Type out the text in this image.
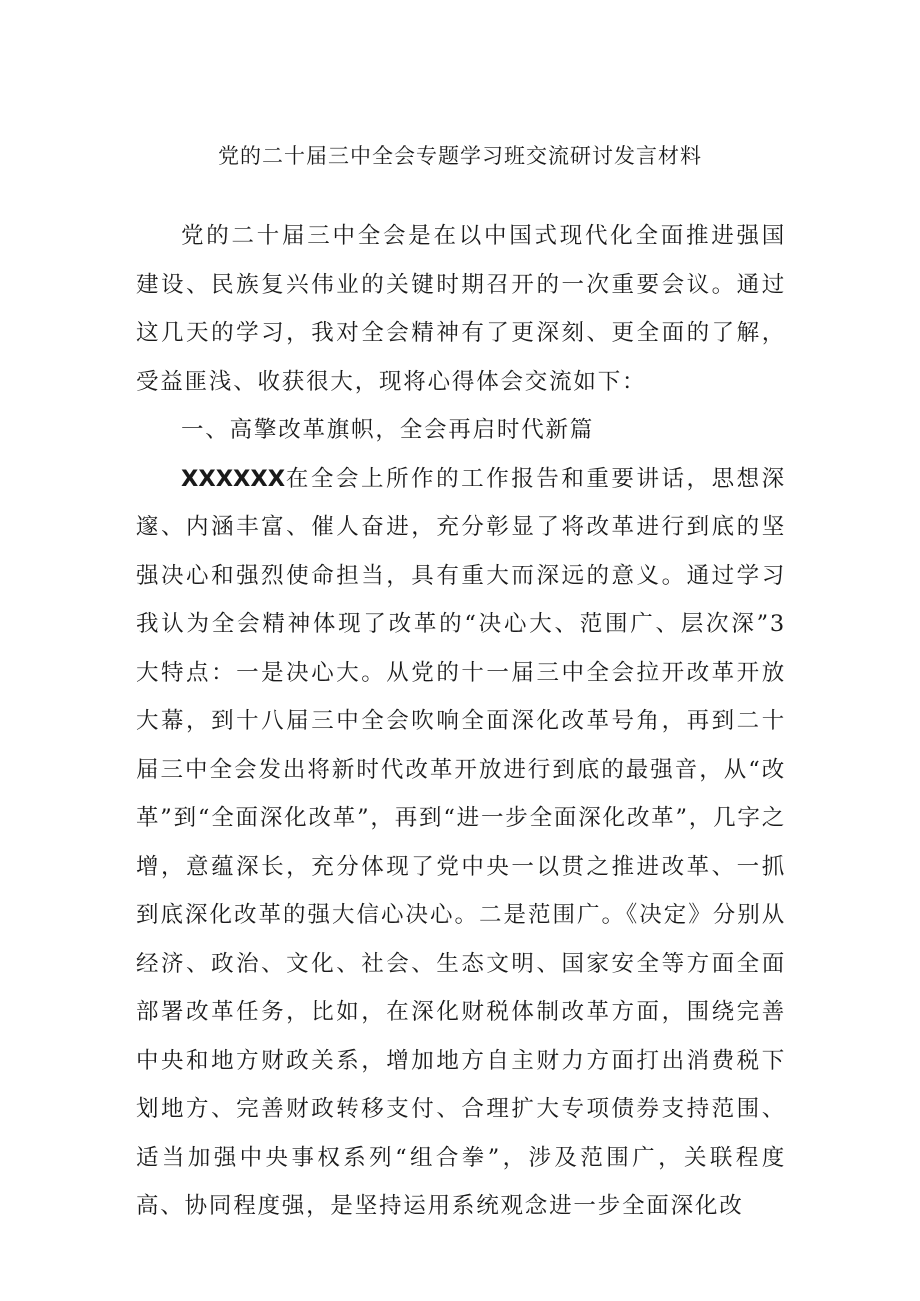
党的二十届三中全会专题学习班交流研讨发言材料

党的二十届三中全会是在以中国式现代化全面推进强国建设、民族复兴伟业的关键时期召开的一次重要会议。通过这几天的学习，我对全会精神有了更深刻、更全面的了解，受益匪浅、收获很大，现将心得体会交流如下：

一、高擎改革旗帜，全会再启时代新篇

XXXXXX在全会上所作的工作报告和重要讲话，思想深邃、内涵丰富、催人奋进，充分彰显了将改革进行到底的坚强决心和强烈使命担当，具有重大而深远的意义。通过学习我认为全会精神体现了改革的“决心大、范围广、层次深”3大特点：一是决心大。从党的十一届三中全会拉开改革开放大幕，到十八届三中全会吹响全面深化改革号角，再到二十届三中全会发出将新时代改革开放进行到底的最强音，从“改革”到“全面深化改革”，再到“进一步全面深化改革”，几字之增，意蕴深长，充分体现了党中央一以贯之推进改革、一抓到底深化改革的强大信心决心。二是范围广。《决定》分别从经济、政治、文化、社会、生态文明、国家安全等方面全面部署改革任务，比如，在深化财税体制改革方面，围绕完善中央和地方财政关系，增加地方自主财力方面打出消费税下划地方、完善财政转移支付、合理扩大专项债券支持范围、适当加强中央事权系列“组合拳”，涉及范围广，关联程度高、协同程度强，是坚持运用系统观念进一步全面深化改
